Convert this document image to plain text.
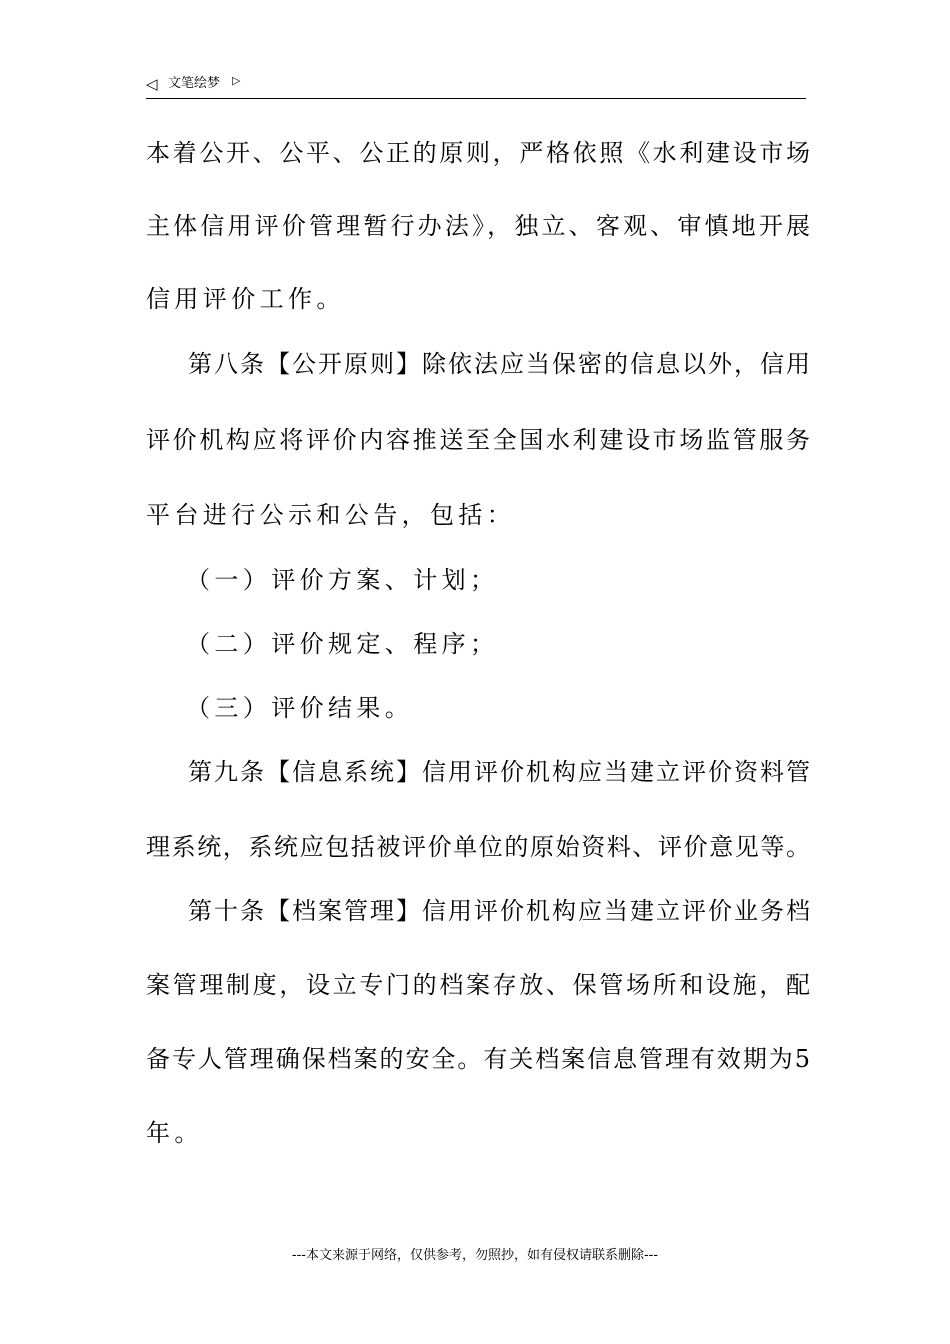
◁ 文笔绘梦 ▷
本着公开、公平、公正的原则，严格依照《水利建设市场
主体信用评价管理暂行办法》，独立、客观、审慎地开展
信用评价工作。
第八条【公开原则】除依法应当保密的信息以外，信用
评价机构应将评价内容推送至全国水利建设市场监管服务
平台进行公示和公告，包括：
（一）评价方案、计划；
（二）评价规定、程序；
（三）评价结果。
第九条【信息系统】信用评价机构应当建立评价资料管
理系统，系统应包括被评价单位的原始资料、评价意见等。
第十条【档案管理】信用评价机构应当建立评价业务档
案管理制度，设立专门的档案存放、保管场所和设施，配
备专人管理确保档案的安全。有关档案信息管理有效期为5
年。
---本文来源于网络，仅供参考，勿照抄，如有侵权请联系删除---
